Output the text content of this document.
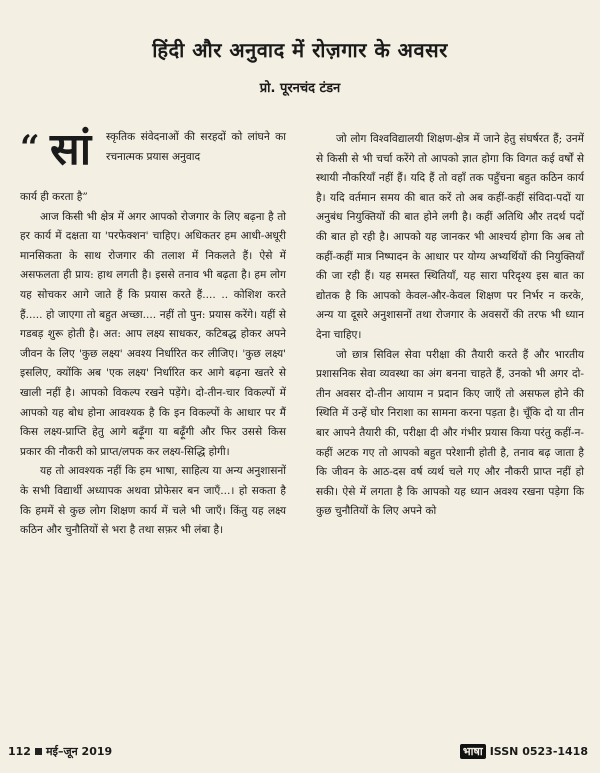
हिंदी और अनुवाद में रोज़गार के अवसर
प्रो. पूरनचंद टंडन
“ सां स्कृतिक संवेदनाओं की सरहदों को लांघने का रचनात्मक प्रयास अनुवाद

कार्य ही करता है”

आज किसी भी क्षेत्र में अगर आपको रोजगार के लिए बढ़ना है तो हर कार्य में दक्षता या 'परफेक्शन' चाहिए। अधिकतर हम आधी-अधूरी मानसिकता के साथ रोजगार की तलाश में निकलते हैं। ऐसे में असफलता ही प्राय: हाथ लगती है। इससे तनाव भी बढ़ता है। हम लोग यह सोचकर आगे जाते हैं कि प्रयास करते हैं.... .. कोशिश करते हैं..... हो जाएगा तो बहुत अच्छा.... नहीं तो पुन: प्रयास करेंगे। यहीं से गडबड़ शुरू होती है। अत: आप लक्ष्य साधकर, कटिबद्ध होकर अपने जीवन के लिए 'कुछ लक्ष्य' अवश्य निर्धारित कर लीजिए। 'कुछ लक्ष्य' इसलिए, क्योंकि अब 'एक लक्ष्य' निर्धारित कर आगे बढ़ना खतरे से खाली नहीं है। आपको विकल्प रखने पड़ेंगे। दो-तीन-चार विकल्पों में आपको यह बोध होना आवश्यक है कि इन विकल्पों के आधार पर मैं किस लक्ष्य-प्राप्ति हेतु आगे बढ़ूँगा या बढ़ूँगी और फिर उससे किस प्रकार की नौकरी को प्राप्त/लपक कर लक्ष्य-सिद्धि होगी।

यह तो आवश्यक नहीं कि हम भाषा, साहित्य या अन्य अनुशासनों के सभी विद्यार्थी अध्यापक अथवा प्रोफेसर बन जाएँ...। हो सकता है कि हममें से कुछ लोग शिक्षण कार्य में चले भी जाएँ। किंतु यह लक्ष्य कठिन और चुनौतियों से भरा है तथा सफ़र भी लंबा है।

जो लोग विश्वविद्यालयी शिक्षण-क्षेत्र में जाने हेतु संघर्षरत हैं; उनमें से किसी से भी चर्चा करेंगे तो आपको ज्ञात होगा कि विगत कई वर्षों से स्थायी नौकरियाँ नहीं हैं। यदि हैं तो वहाँ तक पहुँचना बहुत कठिन कार्य है। यदि वर्तमान समय की बात करें तो अब कहीं-कहीं संविदा-पदों या अनुबंध नियुक्तियों की बात होने लगी है। कहीं अतिथि और तदर्थ पदों की बात हो रही है। आपको यह जानकर भी आश्चर्य होगा कि अब तो कहीं-कहीं मात्र निष्पादन के आधार पर योग्य अभ्यर्थियों की नियुक्तियाँ की जा रही हैं। यह समस्त स्थितियाँ, यह सारा परिदृश्य इस बात का द्योतक है कि आपको केवल-और-केवल शिक्षण पर निर्भर न करके, अन्य या दूसरे अनुशासनों तथा रोजगार के अवसरों की तरफ भी ध्यान देना चाहिए।

जो छात्र सिविल सेवा परीक्षा की तैयारी करते हैं और भारतीय प्रशासनिक सेवा व्यवस्था का अंग बनना चाहते हैं, उनको भी अगर दो-तीन अवसर दो-तीन आयाम न प्रदान किए जाएँ तो असफल होने की स्थिति में उन्हें घोर निराशा का सामना करना पड़ता है। चूँकि दो या तीन बार आपने तैयारी की, परीक्षा दी और गंभीर प्रयास किया परंतु कहीं-न-कहीं अटक गए तो आपको बहुत परेशानी होती है, तनाव बढ़ जाता है कि जीवन के आठ-दस वर्ष व्यर्थ चले गए और नौकरी प्राप्त नहीं हो सकी। ऐसे में लगता है कि आपको यह ध्यान अवश्य रखना पड़ेगा कि कुछ चुनौतियों के लिए अपने को

112 मई–जून 2019	भाषा ISSN 0523-1418
